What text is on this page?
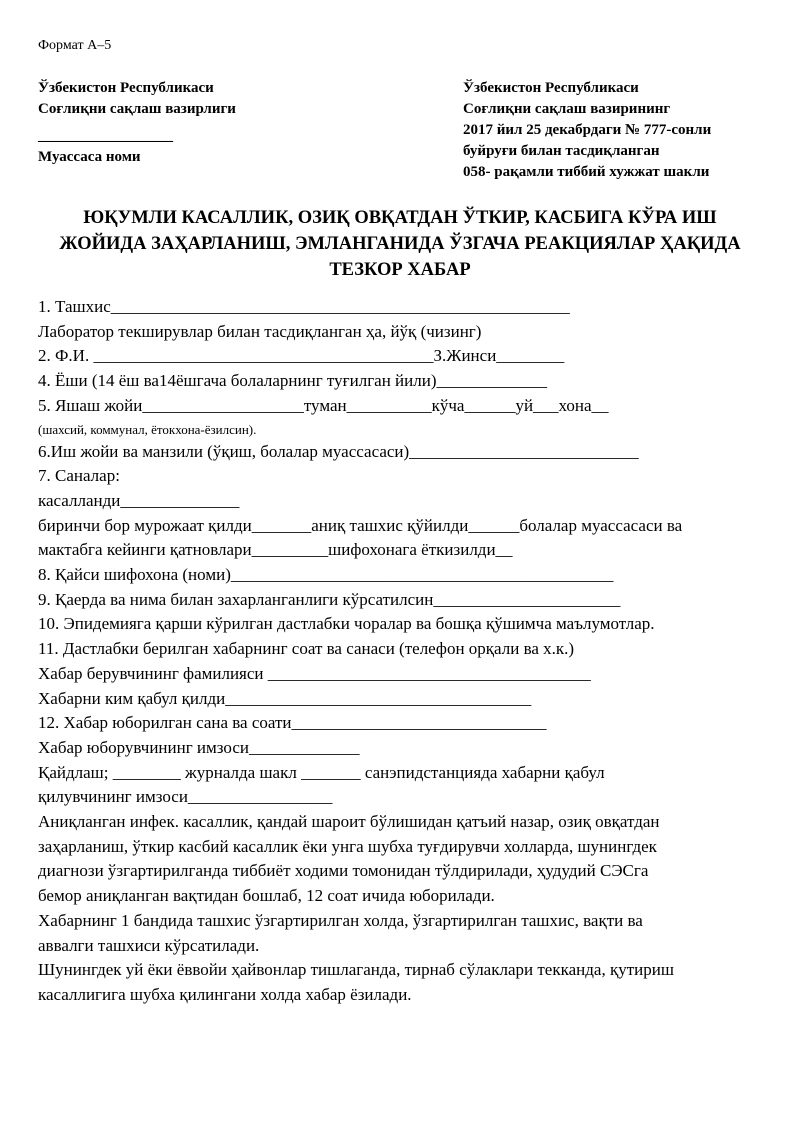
Формат А–5
Ўзбекистон Республикаси
Соғлиқни сақлаш вазирлиги
__________________
Муассаса номи
Ўзбекистон Республикаси
Соғлиқни сақлаш вазирининг
2017 йил 25 декабрдаги № 777-сонли
буйруғи билан тасдиқланган
058- рақамли тиббий хужжат шакли
ЮҚУМЛИ КАСАЛЛИК, ОЗИҚ ОВҚАТДАН ЎТКИР, КАСБИГА КЎРА ИШ
ЖОЙИДА ЗАҲАРЛАНИШ, ЭМЛАНГАНИДА ЎЗГАЧА РЕАКЦИЯЛАР ҲАҚИДА
ТЕЗКОР ХАБАР
1. Ташхис______________________________________________________
Лаборатор текширувлар билан тасдиқланган ҳа, йўқ (чизинг)
2. Ф.И. ________________________________________З.Жинси________
4. Ёши (14 ёш ва14ёшгача болаларнинг туғилган йили)_____________
5. Яшаш жойи___________________туман__________кўча______уй___хона__
(шахсий, коммунал, ётокхона-ёзилсин).
6.Иш жойи ва манзили (ўқиш, болалар муассасаси)___________________________
7. Саналар:
касалланди______________
биринчи бор мурожаат қилди_______аниқ ташхис қўйилди______болалар муассасаси ва
мактабга кейинги қатновлари_________шифохонага ёткизилди__
8. Қайси шифохона (номи)_____________________________________________
9. Қаерда ва нима билан захарланганлиги кўрсатилсин______________________
10. Эпидемияга қарши кўрилган дастлабки чоралар ва бошқа қўшимча маълумотлар.
11. Дастлабки берилган хабарнинг соат ва санаси (телефон орқали ва х.к.)
Хабар берувчининг фамилияси ______________________________________
Хабарни ким қабул қилди____________________________________
12. Хабар юборилган сана ва соати______________________________
Хабар юборувчининг имзоси_____________
Қайдлаш; ________ журналда шакл _______ санэпидстанцияда хабарни қабул
қилувчининг имзоси_________________
Аниқланган инфек. касаллик, қандай шароит бўлишидан қатъий назар, озиқ овқатдан
заҳарланиш, ўткир касбий касаллик ёки унга шубха туғдирувчи холларда, шунингдек
диагнози ўзгартирилганда тиббиёт ходими томонидан тўлдирилади, ҳудудий СЭСга
бемор аниқланган вақтидан бошлаб, 12 соат ичида юборилади.
Хабарнинг 1 бандида ташхис ўзгартирилган холда, ўзгартирилган ташхис, вақти ва
аввалги ташхиси кўрсатилади.
Шунингдек уй ёки ёввойи ҳайвонлар тишлаганда, тирнаб сўлаклари текканда, қутириш
касаллигига шубха қилингани холда хабар ёзилади.
